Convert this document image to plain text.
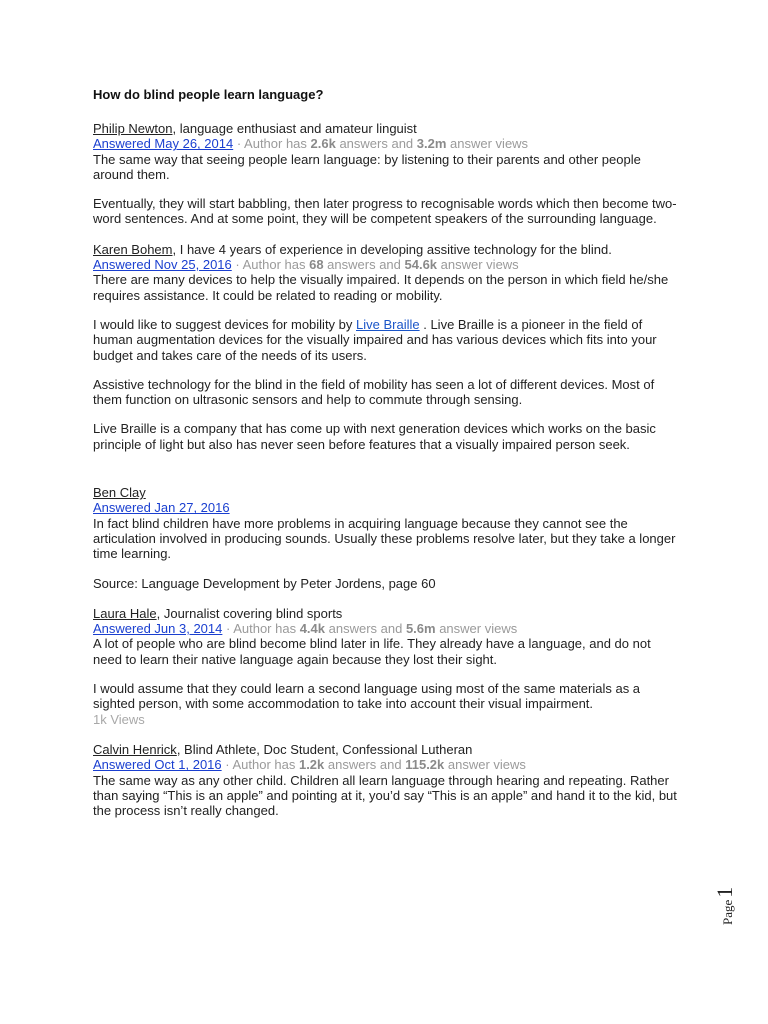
How do blind people learn language?
Philip Newton, language enthusiast and amateur linguist
Answered May 26, 2014 · Author has 2.6k answers and 3.2m answer views

The same way that seeing people learn language: by listening to their parents and other people around them.

Eventually, they will start babbling, then later progress to recognisable words which then become two-word sentences. And at some point, they will be competent speakers of the surrounding language.

Karen Bohem, I have 4 years of experience in developing assitive technology for the blind.
Answered Nov 25, 2016 · Author has 68 answers and 54.6k answer views

There are many devices to help the visually impaired. It depends on the person in which field he/she requires assistance. It could be related to reading or mobility.

I would like to suggest devices for mobility by Live Braille . Live Braille is a pioneer in the field of human augmentation devices for the visually impaired and has various devices which fits into your budget and takes care of the needs of its users.

Assistive technology for the blind in the field of mobility has seen a lot of different devices. Most of them function on ultrasonic sensors and help to commute through sensing.

Live Braille is a company that has come up with next generation devices which works on the basic principle of light but also has never seen before features that a visually impaired person seek.

Ben Clay
Answered Jan 27, 2016

In fact blind children have more problems in acquiring language because they cannot see the articulation involved in producing sounds. Usually these problems resolve later, but they take a longer time learning.

Source: Language Development by Peter Jordens, page 60

Laura Hale, Journalist covering blind sports
Answered Jun 3, 2014 · Author has 4.4k answers and 5.6m answer views

A lot of people who are blind become blind later in life. They already have a language, and do not need to learn their native language again because they lost their sight.

I would assume that they could learn a second language using most of the same materials as a sighted person, with some accommodation to take into account their visual impairment.

1k Views
Calvin Henrick, Blind Athlete, Doc Student, Confessional Lutheran
Answered Oct 1, 2016 · Author has 1.2k answers and 115.2k answer views

The same way as any other child. Children all learn language through hearing and repeating. Rather than saying “This is an apple” and pointing at it, you’d say “This is an apple” and hand it to the kid, but the process isn’t really changed.

Page1
